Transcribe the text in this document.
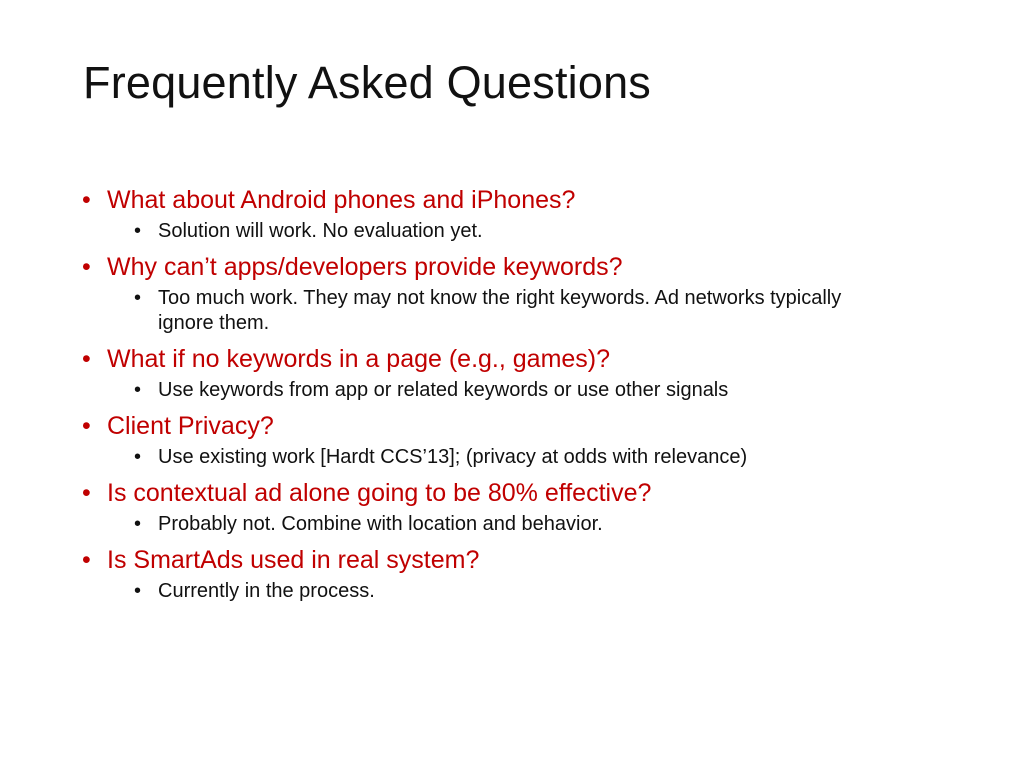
Frequently Asked Questions
• What about Android phones and iPhones?
• Solution will work. No evaluation yet.
• Why can’t apps/developers provide keywords?
• Too much work. They may not know the right keywords. Ad networks typically ignore them.
• What if no keywords in a page (e.g., games)?
• Use keywords from app or related keywords or use other signals
• Client Privacy?
• Use existing work [Hardt CCS’13]; (privacy at odds with relevance)
• Is contextual ad alone going to be 80% effective?
• Probably not. Combine with location and behavior.
• Is SmartAds used in real system?
• Currently in the process.
